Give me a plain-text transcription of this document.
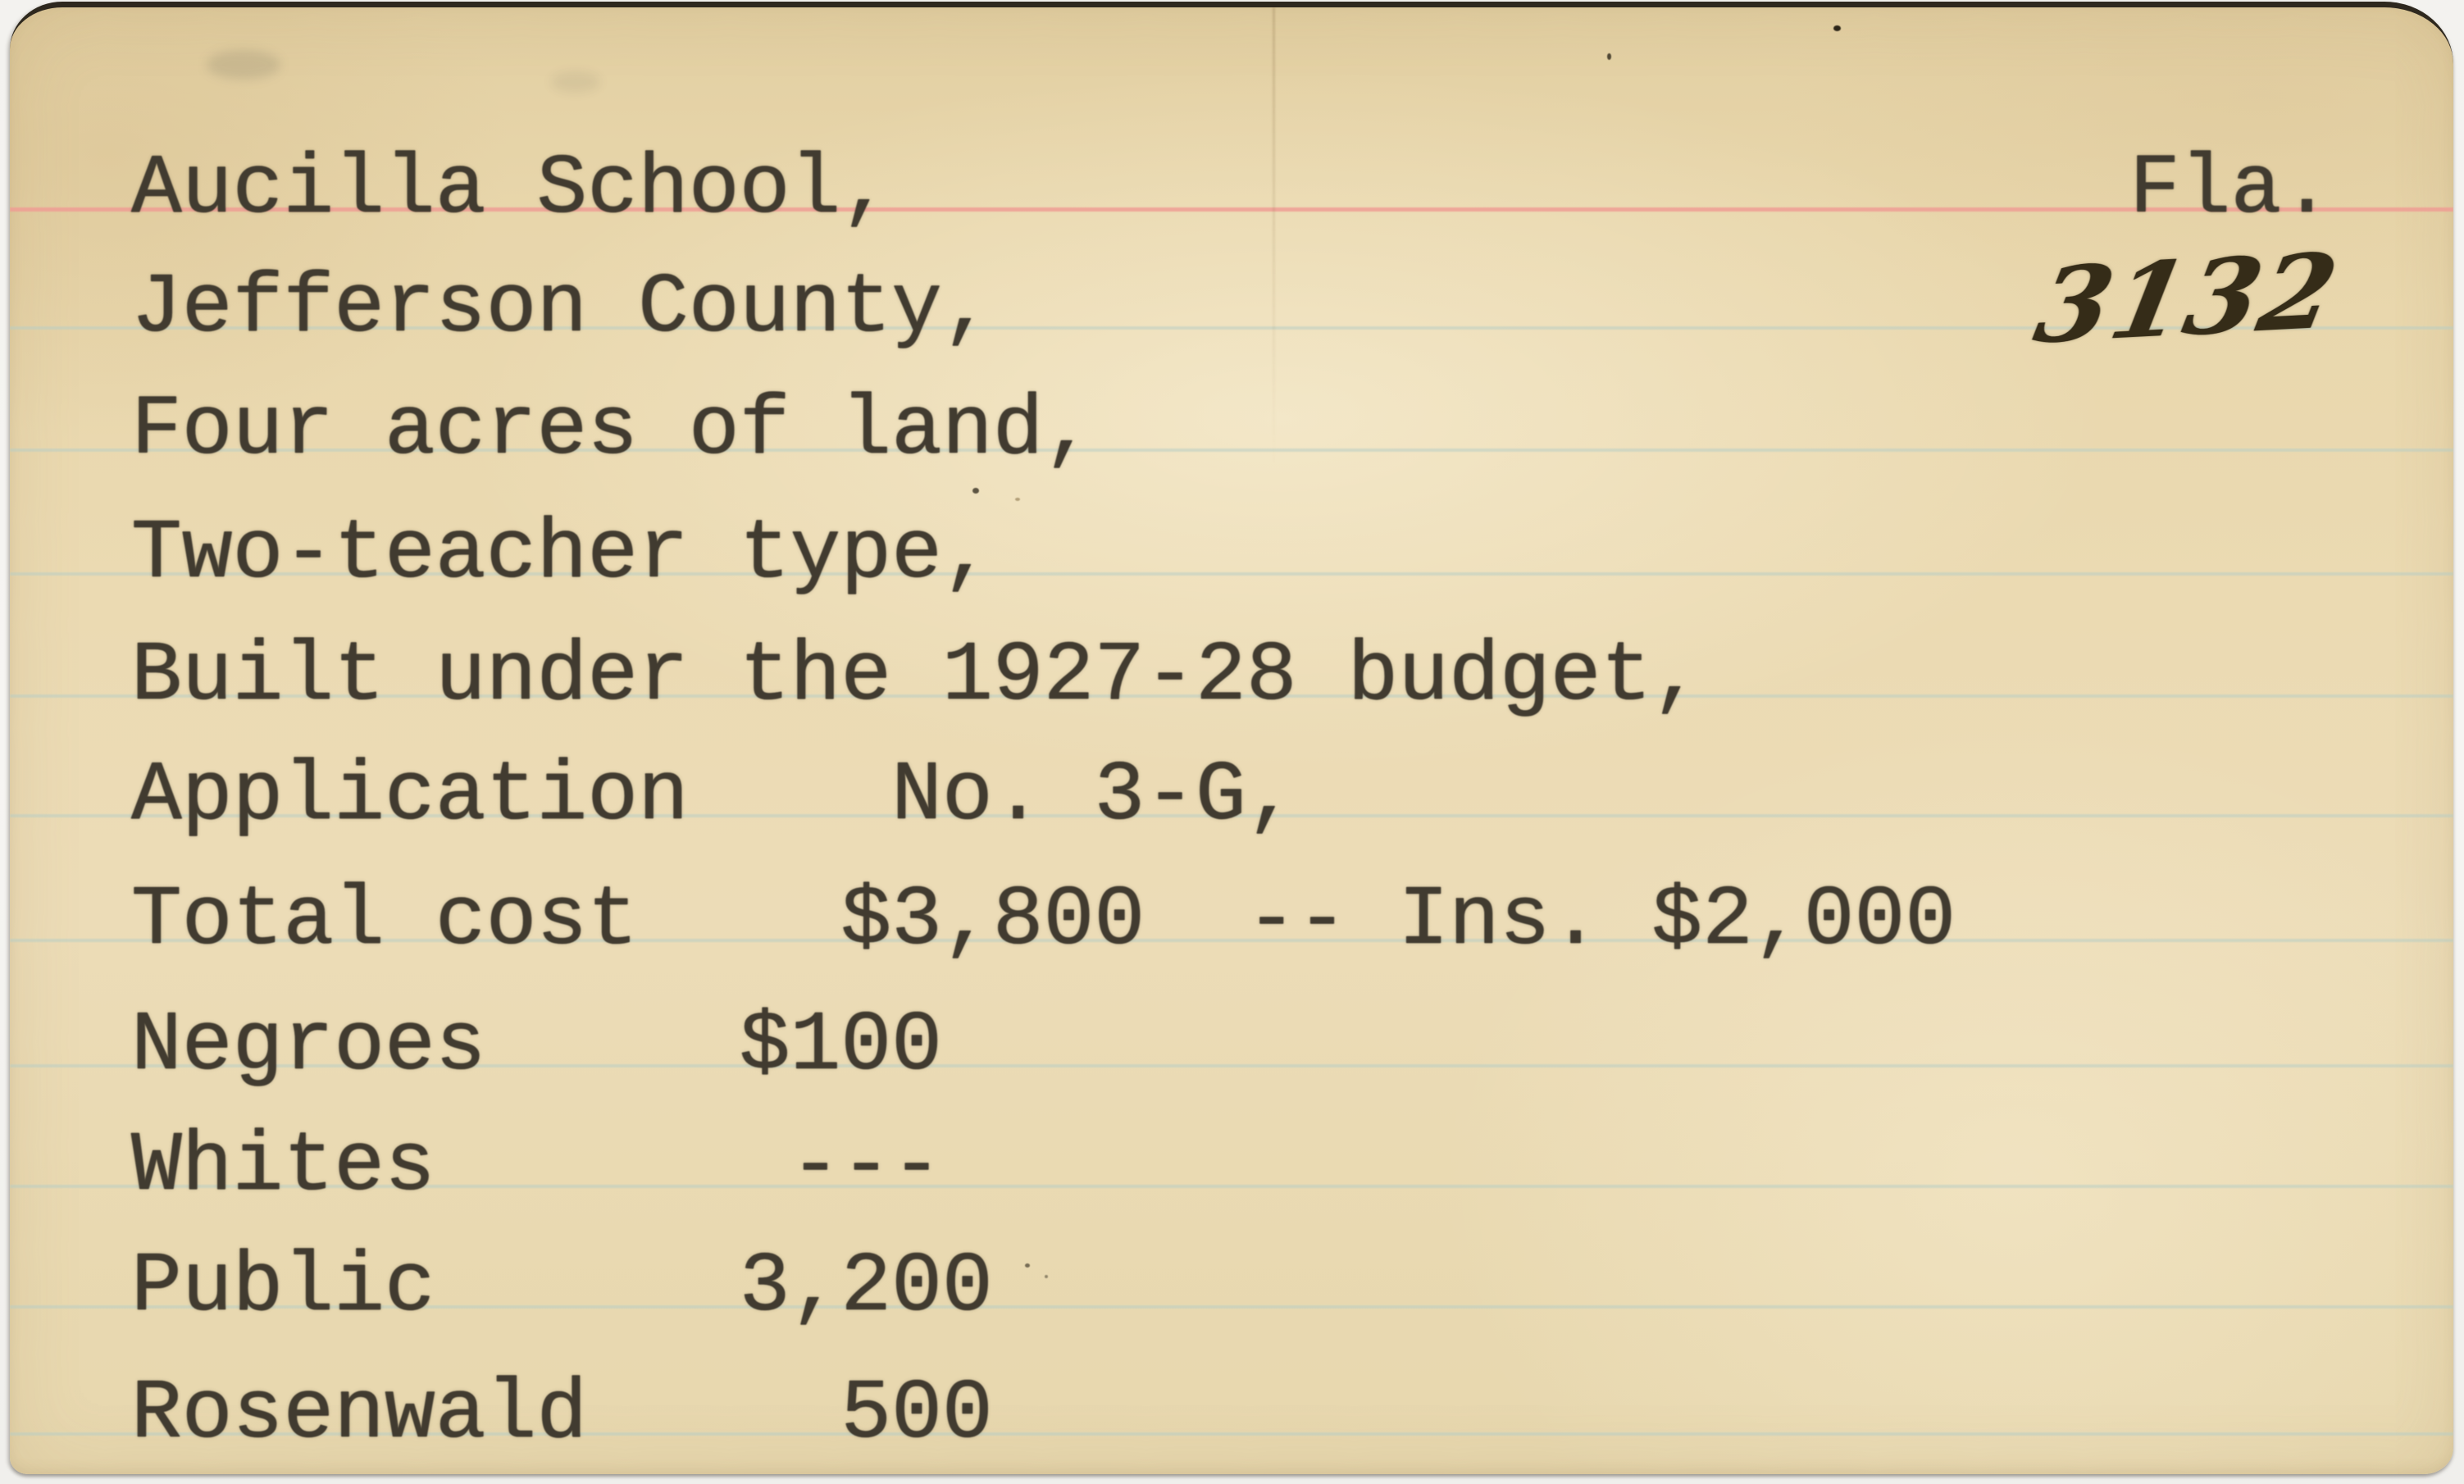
Aucilla School,
Jefferson County,
Four acres of land,
Two-teacher type,
Built under the 1927-28 budget,
Application    No. 3-G,
Total cost    $3,800  -- Ins. $2,000
Negroes     $100
Whites       ---
Public      3,200
Rosenwald     500
Fla.
3132
